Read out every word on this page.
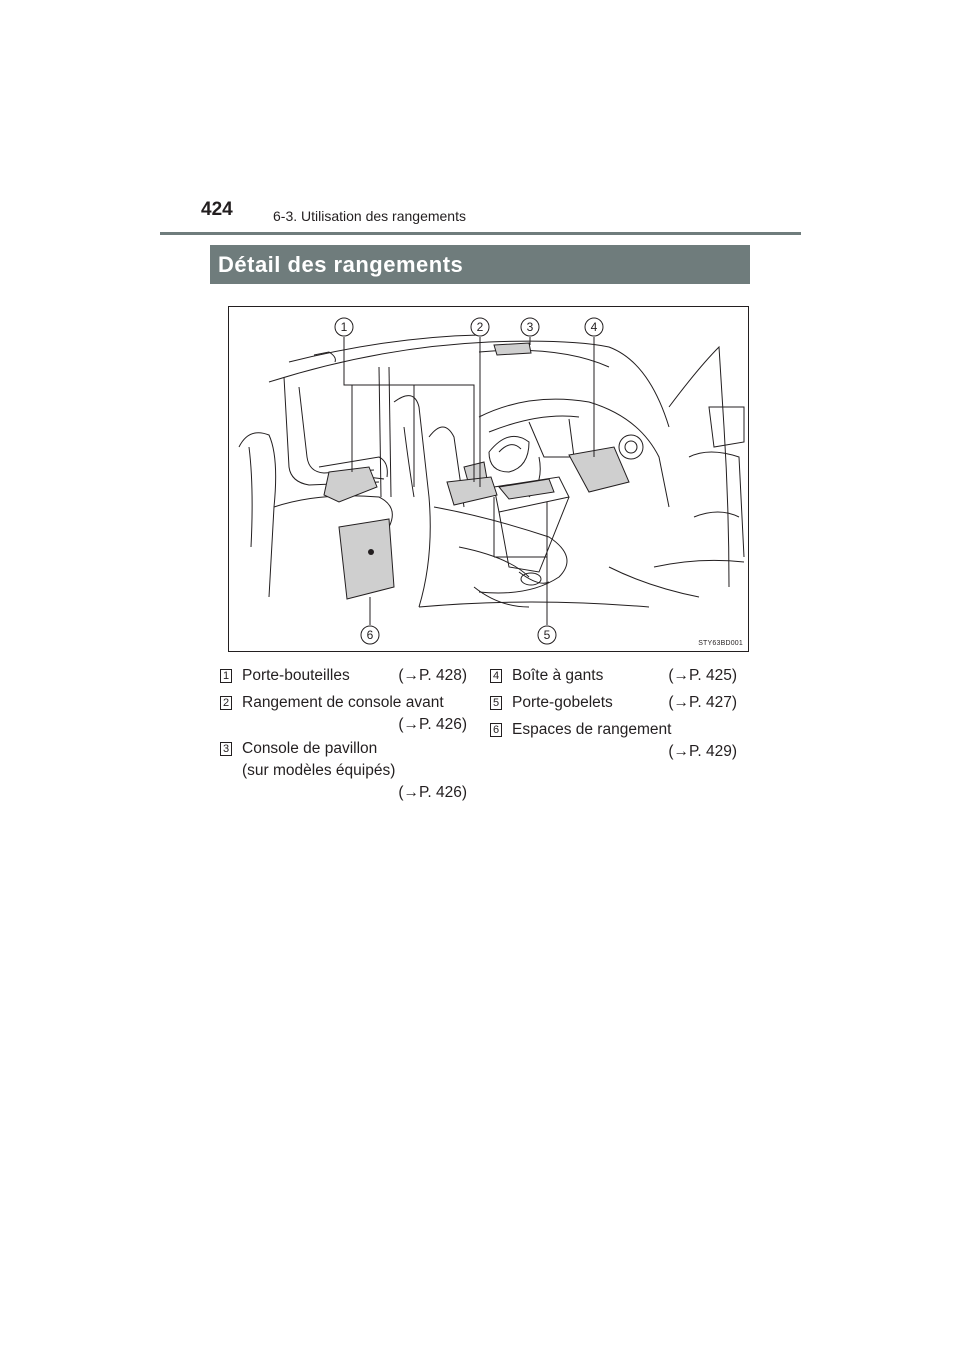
424	6-3. Utilisation des rangements
Détail des rangements
1	2	3	4
5
6
STY63BD001
1 Porte-bouteilles	(→P. 428)
2 Rangement de console avant
(→P. 426)
3 Console de pavillon
(sur modèles équipés)
(→P. 426)
4 Boîte à gants	(→P. 425)
5 Porte-gobelets	(→P. 427)
6 Espaces de rangement
(→P. 429)
